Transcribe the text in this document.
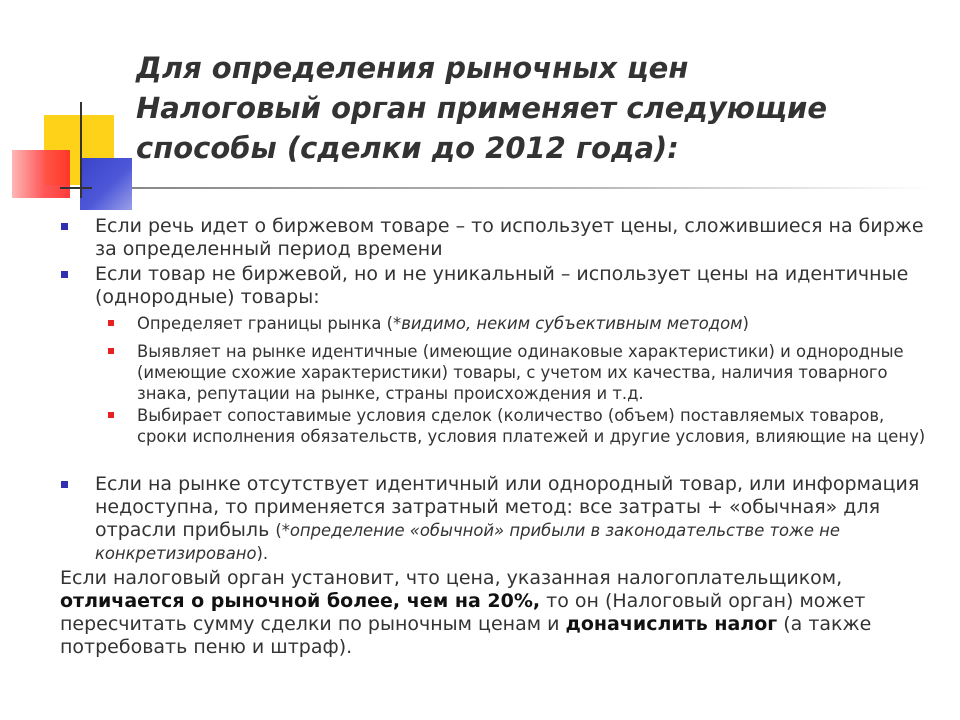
Для определения рыночных цен
Налоговый орган применяет следующие
способы (сделки до 2012 года):
Если речь идет о биржевом товаре – то использует цены, сложившиеся на бирже за определенный период времени
Если товар не биржевой, но и не уникальный – использует цены на идентичные (однородные) товары:
Определяет границы рынка (*видимо, неким субъективным методом)
Выявляет на рынке идентичные (имеющие одинаковые характеристики) и однородные (имеющие схожие характеристики) товары, с учетом их качества, наличия товарного знака, репутации на рынке, страны происхождения и т.д.
Выбирает сопоставимые условия сделок (количество (объем) поставляемых товаров, сроки исполнения обязательств, условия платежей и другие условия, влияющие на цену)
Если на рынке отсутствует идентичный или однородный товар, или информация недоступна, то применяется затратный метод: все затраты + «обычная» для отрасли прибыль (*определение «обычной» прибыли в законодательстве тоже не конкретизировано).
Если налоговый орган установит, что цена, указанная налогоплательщиком, отличается о рыночной более, чем на 20%, то он (Налоговый орган) может пересчитать сумму сделки по рыночным ценам и доначислить налог (а также потребовать пеню и штраф).
